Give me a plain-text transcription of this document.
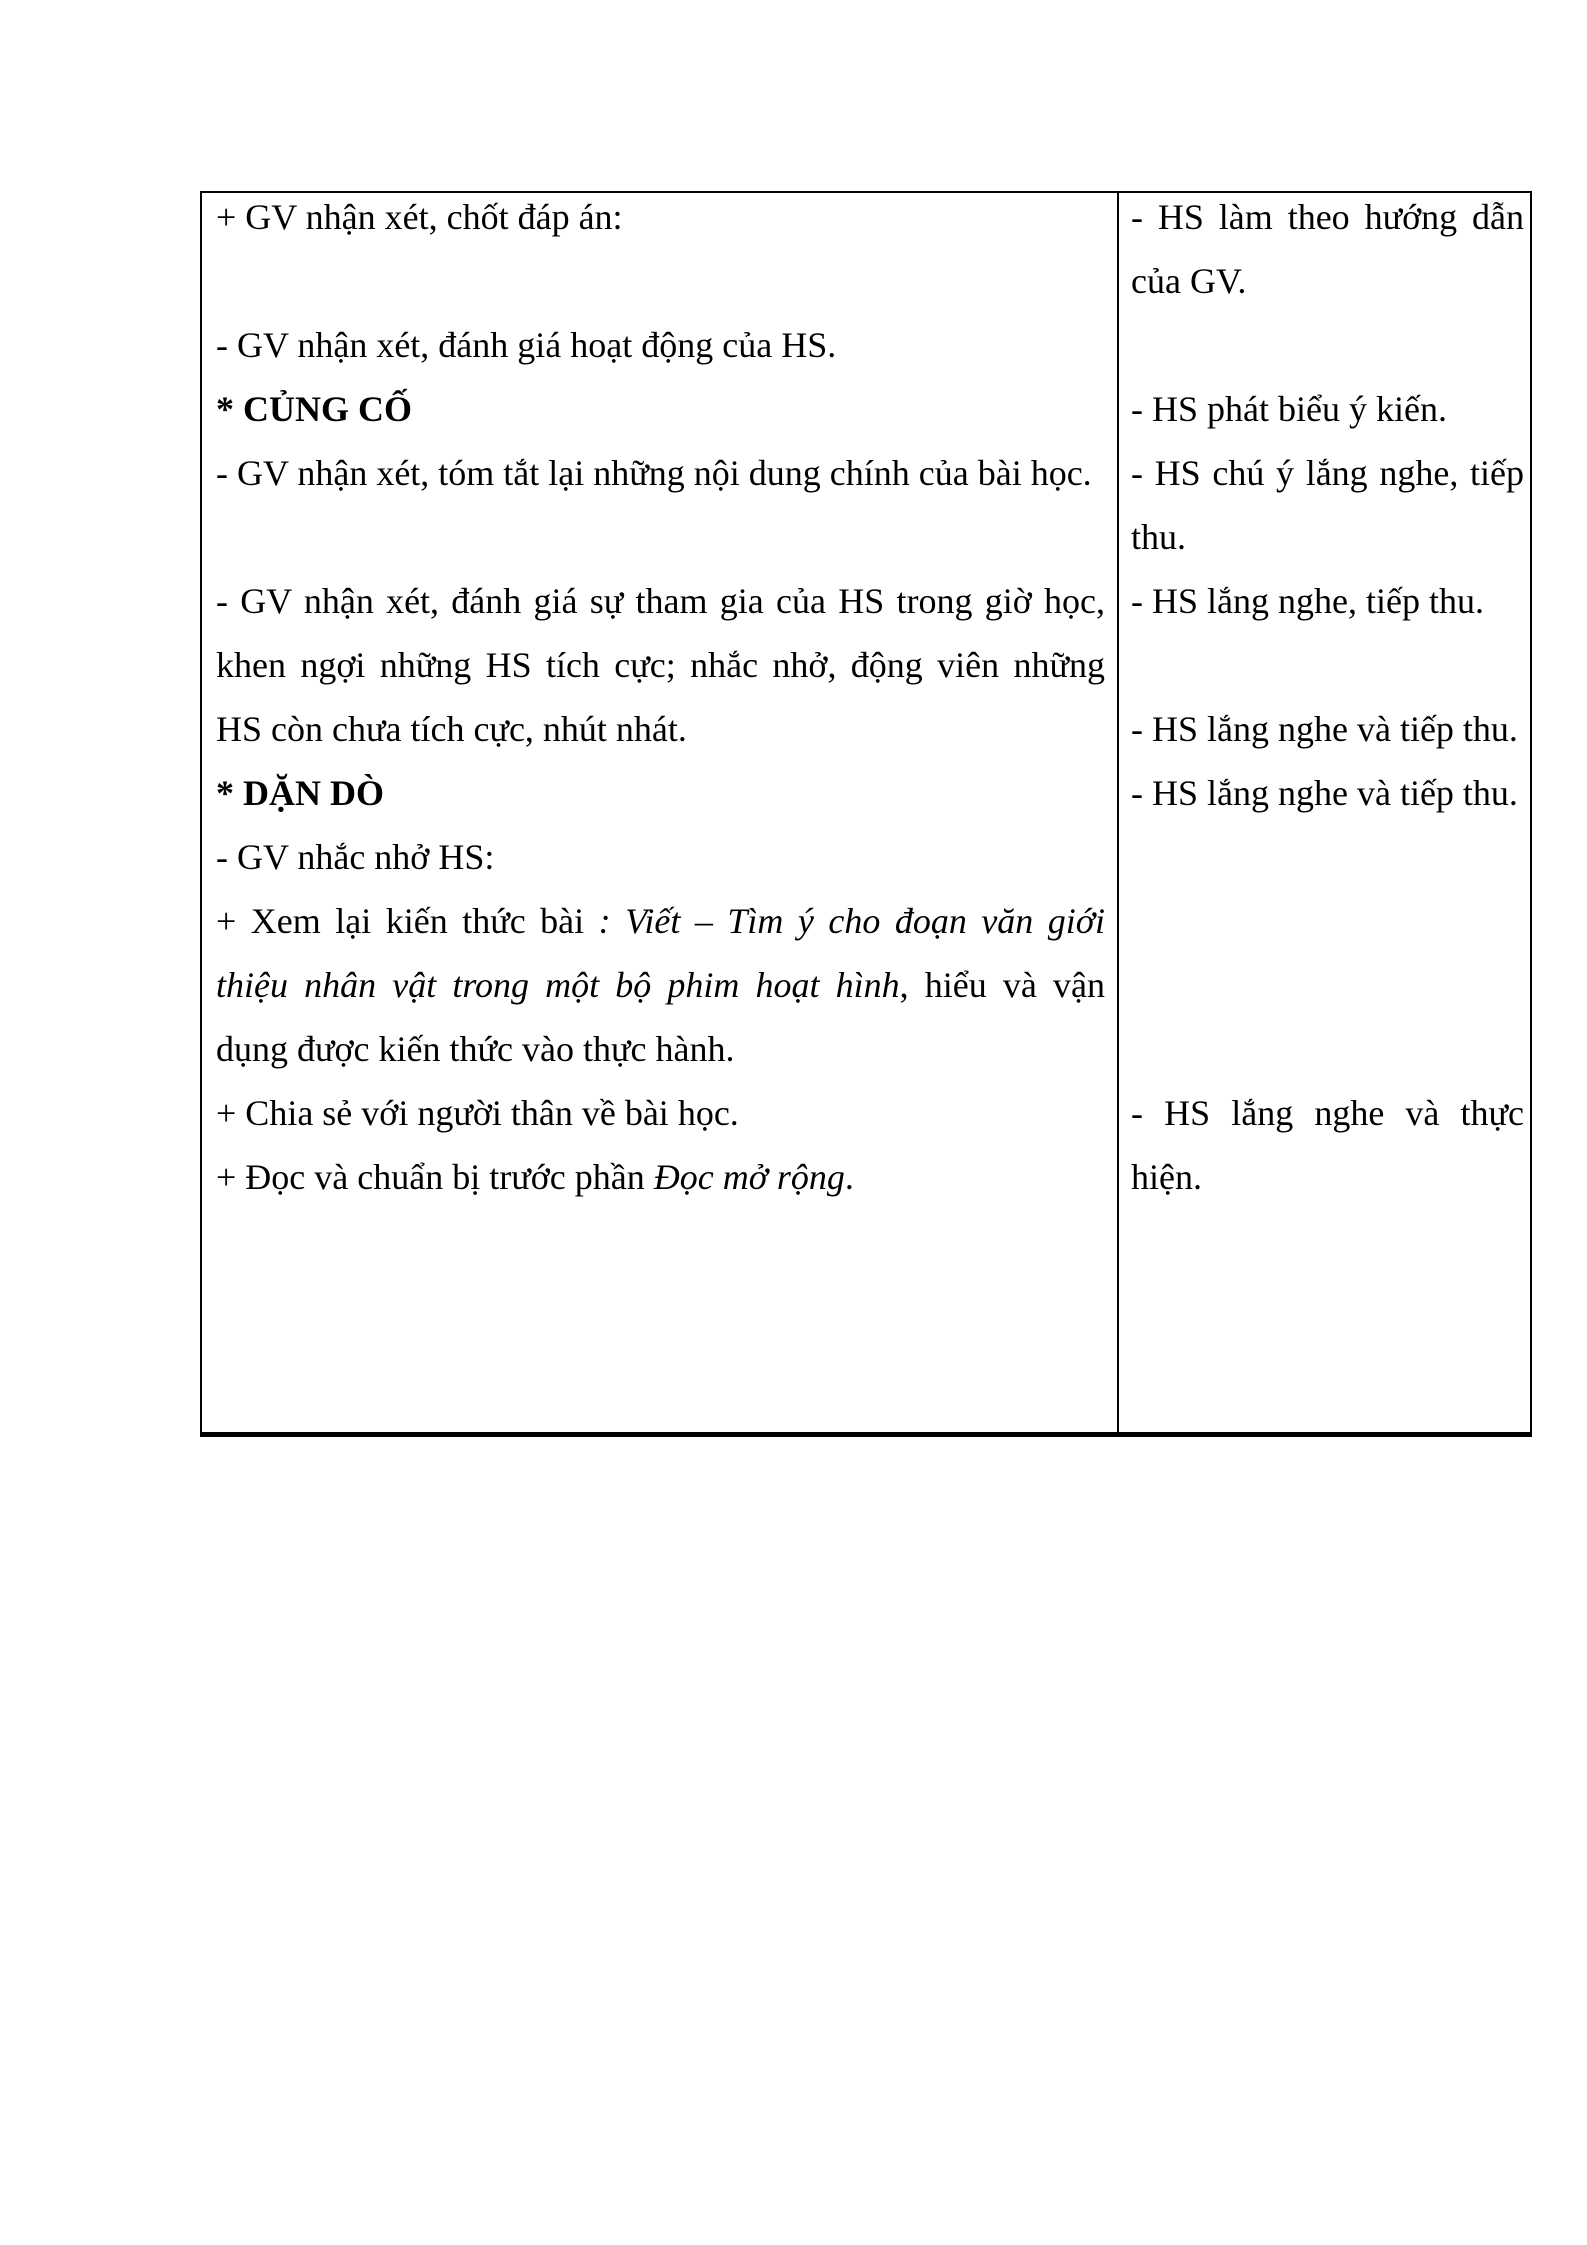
+ GV nhận xét, chốt đáp án:

- GV nhận xét, đánh giá hoạt động của HS.
* CỦNG CỐ
- GV nhận xét, tóm tắt lại những nội dung chính của bài học.

- GV nhận xét, đánh giá sự tham gia của HS trong giờ học,
khen ngợi những HS tích cực; nhắc nhở, động viên những
HS còn chưa tích cực, nhút nhát.
* DẶN DÒ
- GV nhắc nhở HS:
+ Xem lại kiến thức bài : Viết – Tìm ý cho đoạn văn giới
thiệu nhân vật trong một bộ phim hoạt hình, hiểu và vận
dụng được kiến thức vào thực hành.
+ Chia sẻ với người thân về bài học.
+ Đọc và chuẩn bị trước phần Đọc mở rộng.
- HS làm theo hướng dẫn
của GV.

- HS phát biểu ý kiến.
- HS chú ý lắng nghe, tiếp
thu.
- HS lắng nghe, tiếp thu.

- HS lắng nghe và tiếp thu.
- HS lắng nghe và tiếp thu.

- HS lắng nghe và thực
hiện.
